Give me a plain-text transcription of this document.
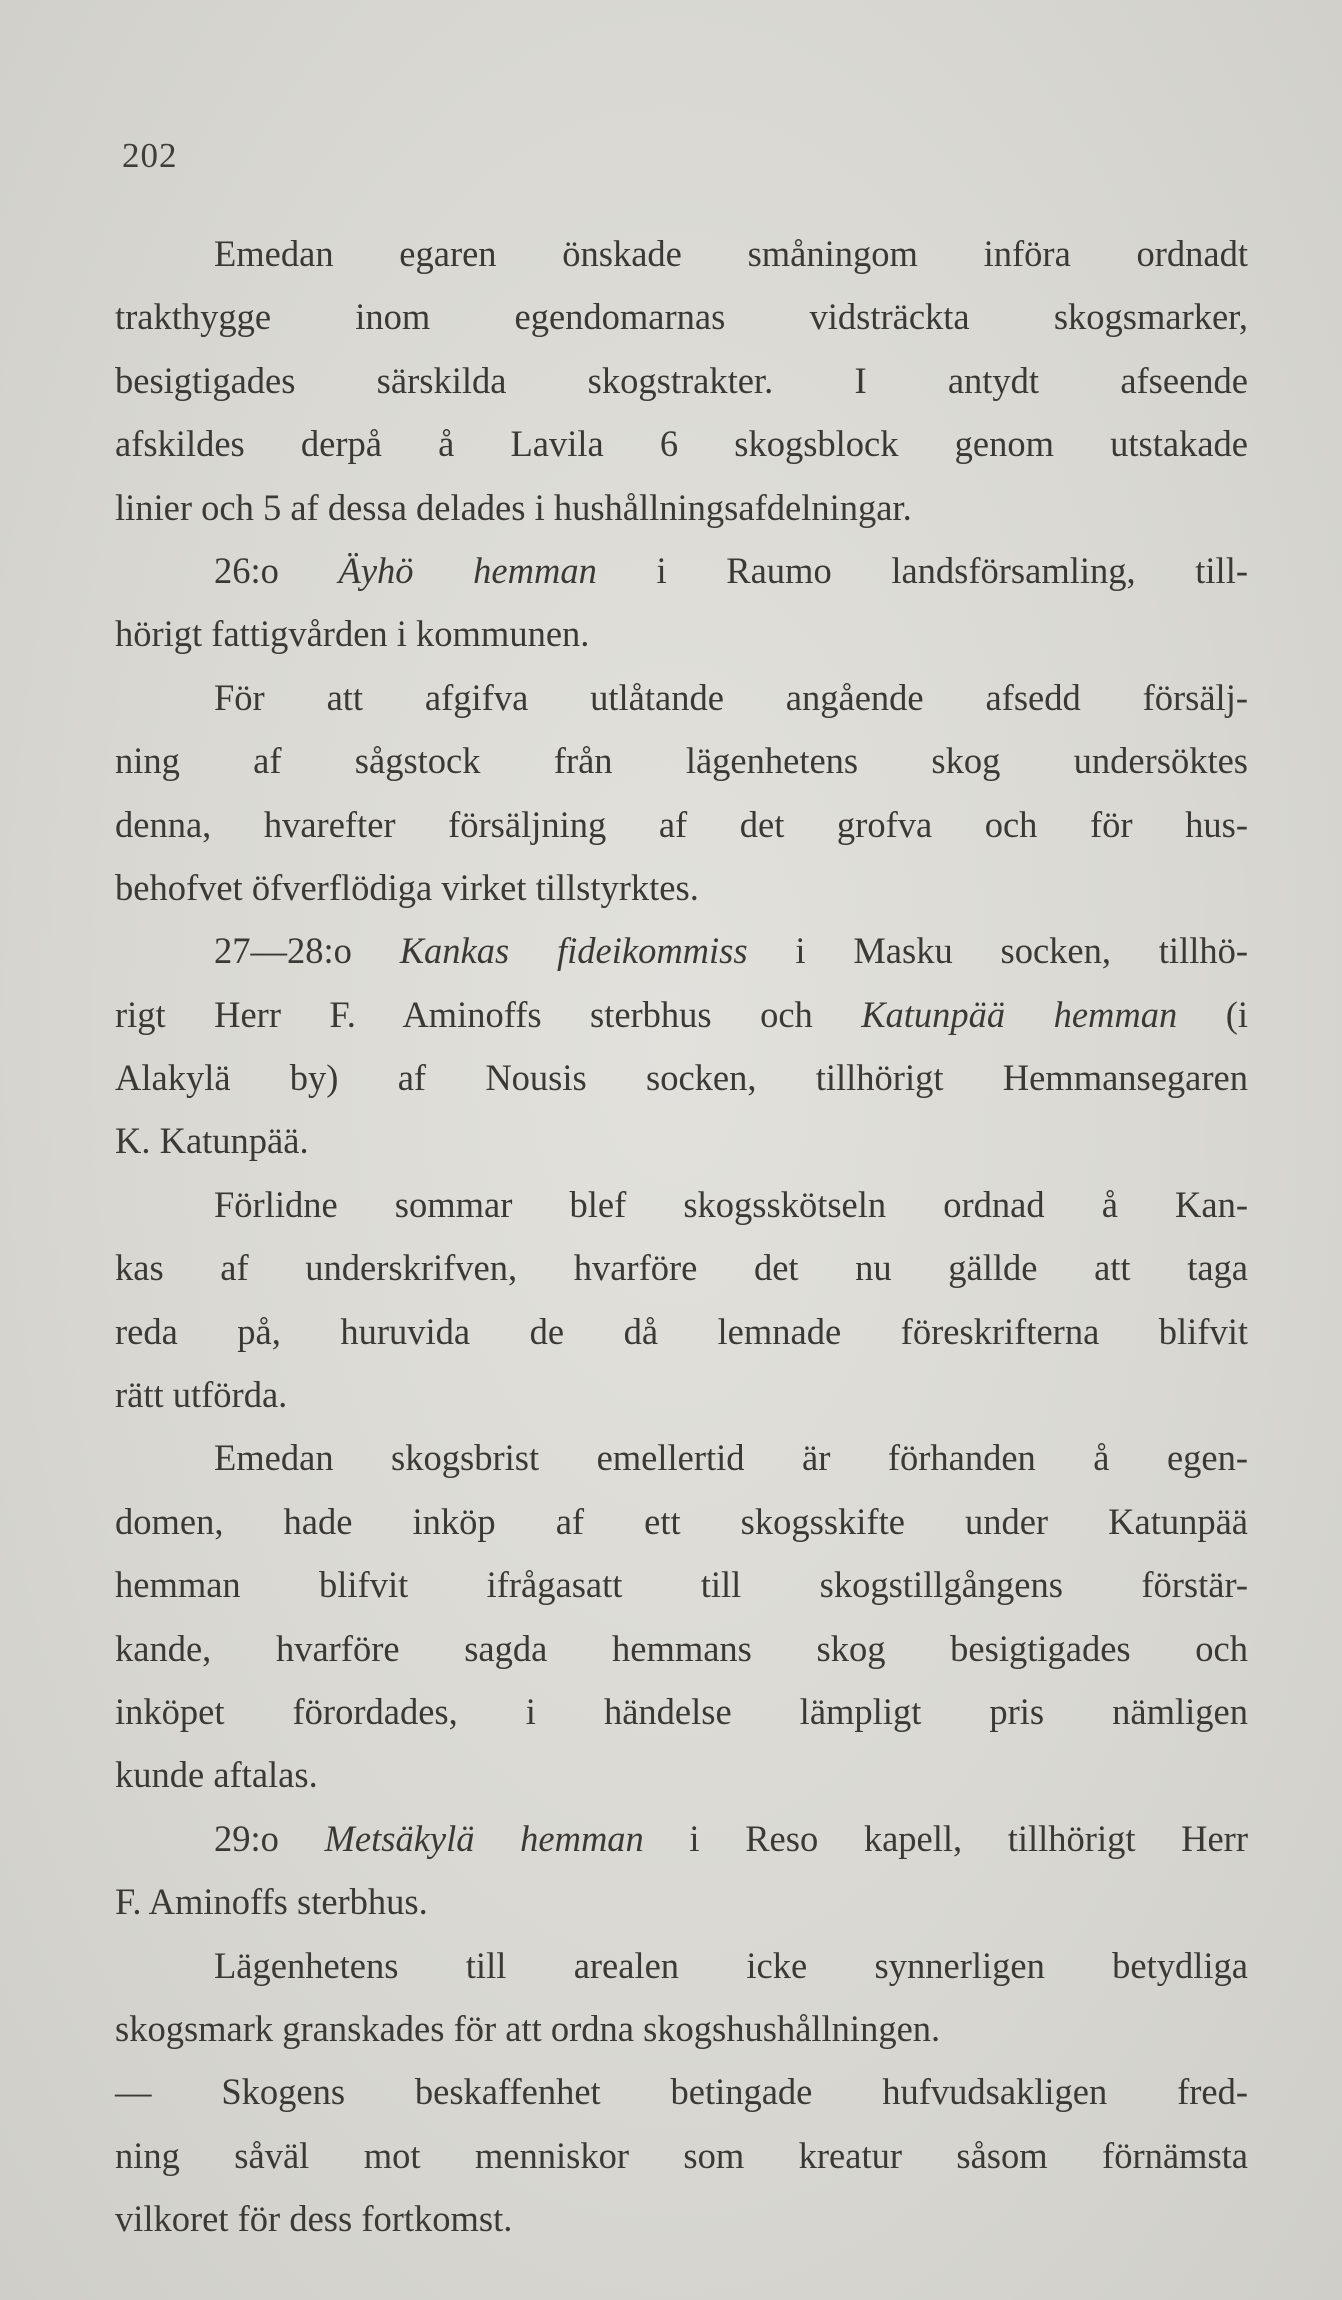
202
Emedan egaren önskade småningom införa ordnadt
trakthygge inom egendomarnas vidsträckta skogsmarker,
besigtigades särskilda skogstrakter. I antydt afseende
afskildes derpå å Lavila 6 skogsblock genom utstakade
linier och 5 af dessa delades i hushållningsafdelningar.
26:o Äyhö hemman i Raumo landsförsamling, till-
hörigt fattigvården i kommunen.
För att afgifva utlåtande angående afsedd försälj-
ning af sågstock från lägenhetens skog undersöktes
denna, hvarefter försäljning af det grofva och för hus-
behofvet öfverflödiga virket tillstyrktes.
27—28:o Kankas fideikommiss i Masku socken, tillhö-
rigt Herr F. Aminoffs sterbhus och Katunpää hemman (i
Alakylä by) af Nousis socken, tillhörigt Hemmansegaren
K. Katunpää.
Förlidne sommar blef skogsskötseln ordnad å Kan-
kas af underskrifven, hvarföre det nu gällde att taga
reda på, huruvida de då lemnade föreskrifterna blifvit
rätt utförda.
Emedan skogsbrist emellertid är förhanden å egen-
domen, hade inköp af ett skogsskifte under Katunpää
hemman blifvit ifrågasatt till skogstillgångens förstär-
kande, hvarföre sagda hemmans skog besigtigades och
inköpet förordades, i händelse lämpligt pris nämligen
kunde aftalas.
29:o Metsäkylä hemman i Reso kapell, tillhörigt Herr
F. Aminoffs sterbhus.
Lägenhetens till arealen icke synnerligen betydliga
skogsmark granskades för att ordna skogshushållningen.
— Skogens beskaffenhet betingade hufvudsakligen fred-
ning såväl mot menniskor som kreatur såsom förnämsta
vilkoret för dess fortkomst.
